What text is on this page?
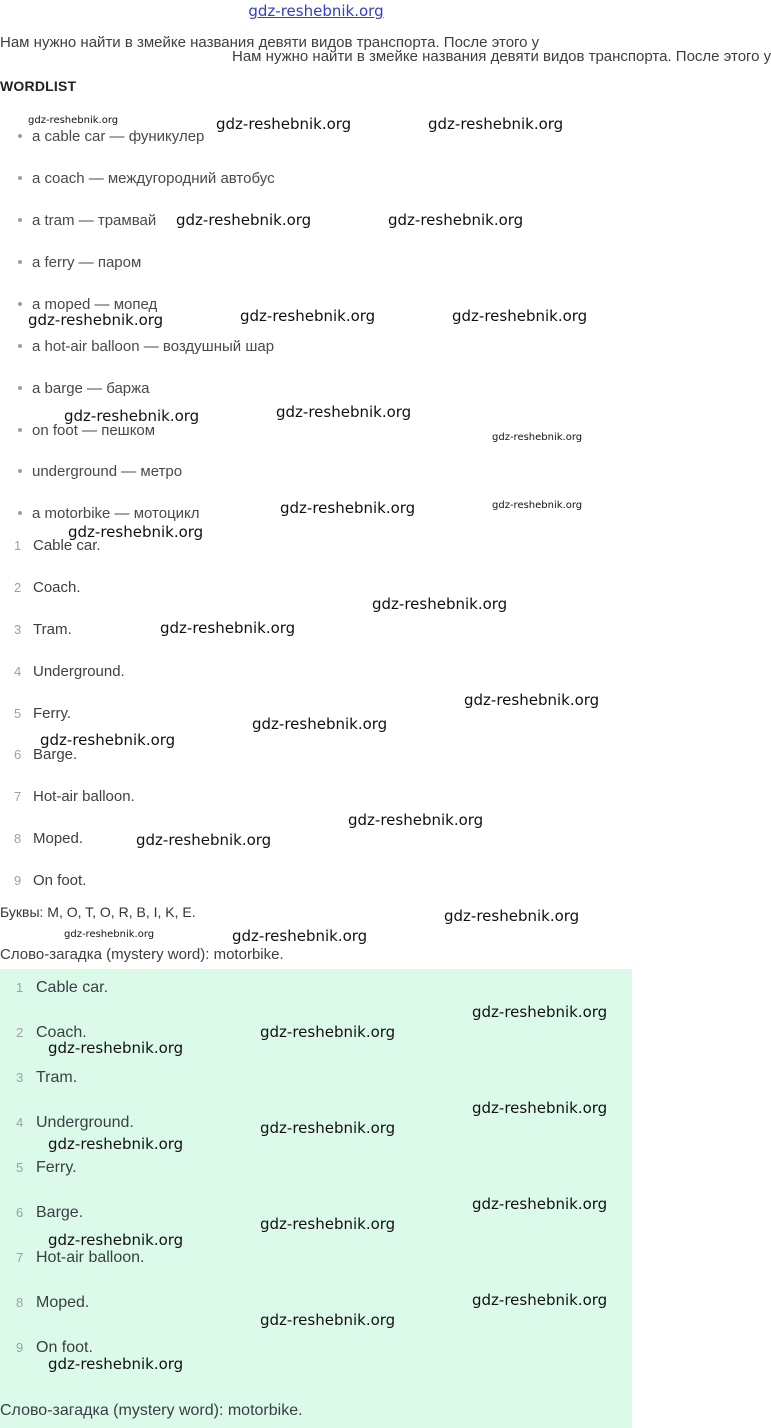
gdz-reshebnik.org
Нам нужно найти в змейке названия девяти видов транспорта. После этого у
Нам нужно найти в змейке названия девяти видов транспорта. После этого у
WORDLIST
a cable car — фуникулер
a coach — междугородний автобус
a tram — трамвай
a ferry — паром
a moped — мопед
a hot-air balloon — воздушный шар
a barge — баржа
on foot — пешком
underground — метро
a motorbike — мотоцикл
1 Cable car.
2 Coach.
3 Tram.
4 Underground.
5 Ferry.
6 Barge.
7 Hot-air balloon.
8 Moped.
9 On foot.
Буквы: M, O, T, O, R, B, I, K, E.
Слово-загадка (mystery word): motorbike.
1 Cable car.
2 Coach.
3 Tram.
4 Underground.
5 Ferry.
6 Barge.
7 Hot-air balloon.
8 Moped.
9 On foot.
Слово-загадка (mystery word): motorbike.
gdz-reshebnik.org	gdz-reshebnik.org	gdz-reshebnik.org
gdz-reshebnik.org	gdz-reshebnik.org
gdz-reshebnik.org	gdz-reshebnik.org	gdz-reshebnik.org
gdz-reshebnik.org	gdz-reshebnik.org
gdz-reshebnik.org
gdz-reshebnik.org	gdz-reshebnik.org
gdz-reshebnik.org
gdz-reshebnik.org
gdz-reshebnik.org
gdz-reshebnik.org
gdz-reshebnik.org
gdz-reshebnik.org
gdz-reshebnik.org
gdz-reshebnik.org
gdz-reshebnik.org
gdz-reshebnik.org	gdz-reshebnik.org
gdz-reshebnik.org
gdz-reshebnik.org
gdz-reshebnik.org
gdz-reshebnik.org
gdz-reshebnik.org
gdz-reshebnik.org
gdz-reshebnik.org
gdz-reshebnik.org
gdz-reshebnik.org
gdz-reshebnik.org
gdz-reshebnik.org
gdz-reshebnik.org
